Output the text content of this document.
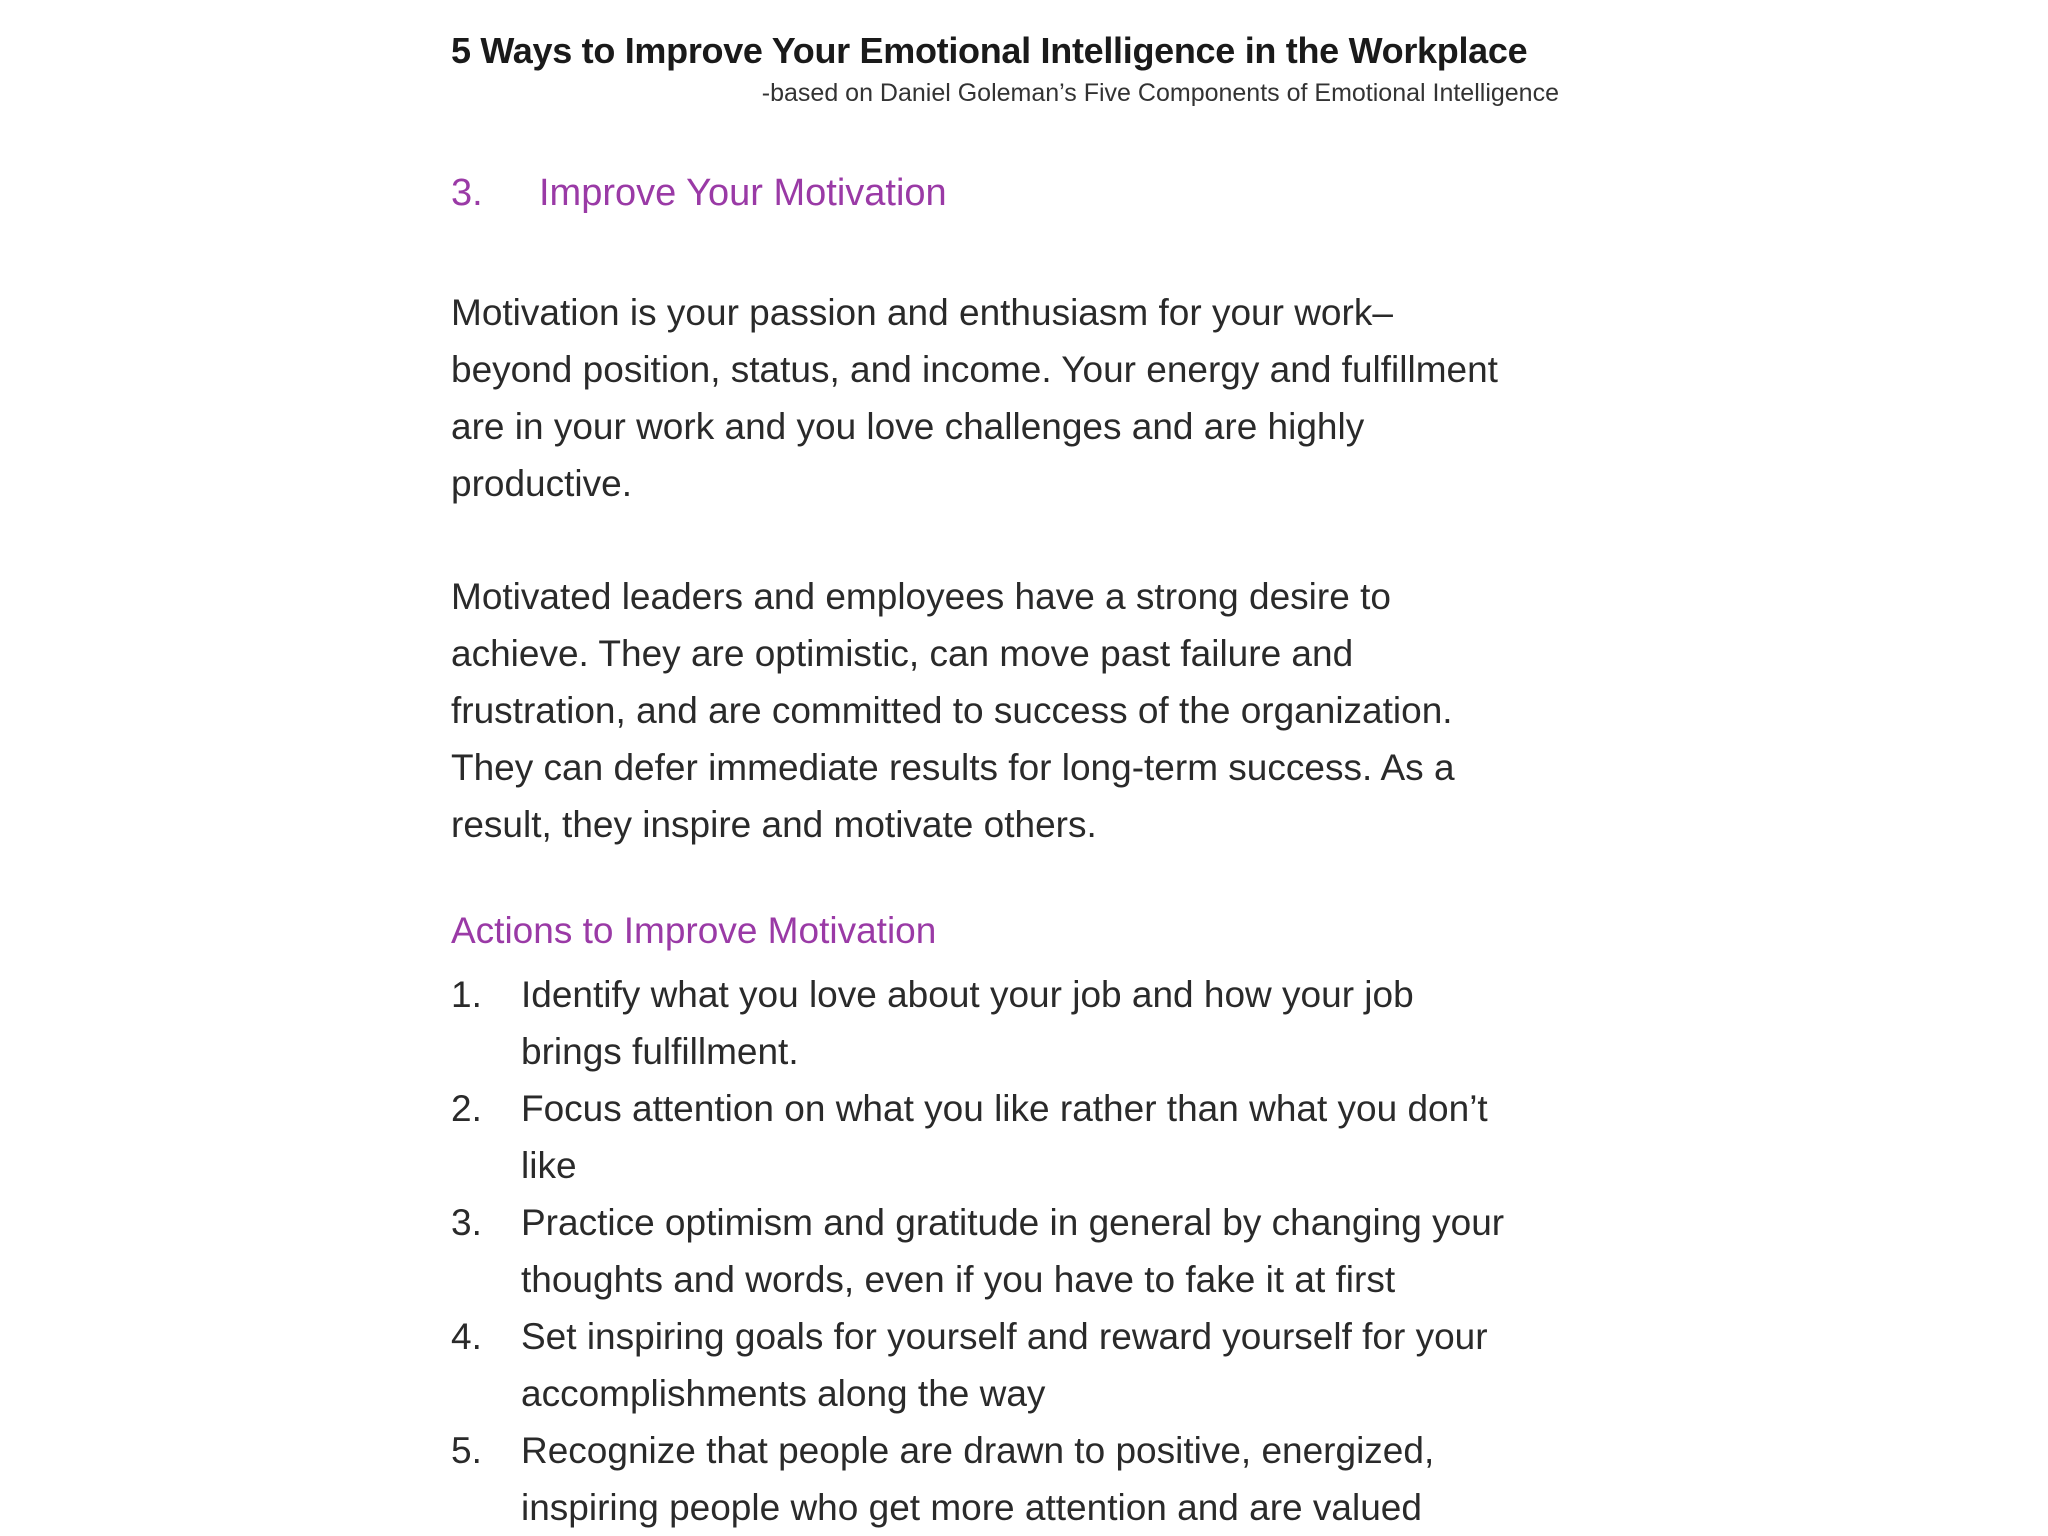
5 Ways to Improve Your Emotional Intelligence in the Workplace

-based on Daniel Goleman’s Five Components of Emotional Intelligence

3. Improve Your Motivation

Motivation is your passion and enthusiasm for your work–
beyond position, status, and income. Your energy and fulfillment
are in your work and you love challenges and are highly
productive.

Motivated leaders and employees have a strong desire to
achieve. They are optimistic, can move past failure and
frustration, and are committed to success of the organization.
They can defer immediate results for long-term success. As a
result, they inspire and motivate others.

Actions to Improve Motivation
1. Identify what you love about your job and how your job
brings fulfillment.
2. Focus attention on what you like rather than what you don’t
like
3. Practice optimism and gratitude in general by changing your
thoughts and words, even if you have to fake it at first
4. Set inspiring goals for yourself and reward yourself for your
accomplishments along the way
5. Recognize that people are drawn to positive, energized,
inspiring people who get more attention and are valued
